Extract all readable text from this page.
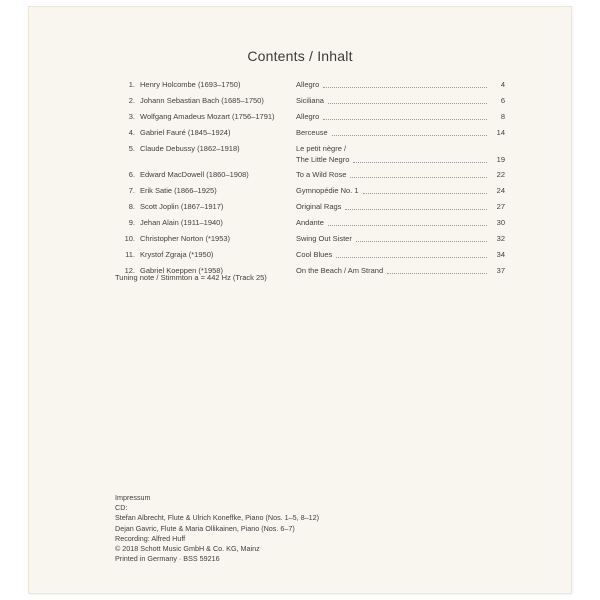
Contents / Inhalt
1. Henry Holcombe (1693–1750)	Allegro	4
2. Johann Sebastian Bach (1685–1750)	Siciliana	6
3. Wolfgang Amadeus Mozart (1756–1791)	Allegro	8
4. Gabriel Fauré (1845–1924)	Berceuse	14
5. Claude Debussy (1862–1918)	Le petit nègre /
The Little Negro	19
6. Edward MacDowell (1860–1908)	To a Wild Rose	22
7. Erik Satie (1866–1925)	Gymnopédie No. 1	24
8. Scott Joplin (1867–1917)	Original Rags	27
9. Jehan Alain (1911–1940)	Andante	30
10. Christopher Norton (*1953)	Swing Out Sister	32
11. Krystof Zgraja (*1950)	Cool Blues	34
12. Gabriel Koeppen (*1958)	On the Beach / Am Strand	37
Tuning note / Stimmton a = 442 Hz (Track 25)
Impressum
CD:
Stefan Albrecht, Flute & Ulrich Koneffke, Piano (Nos. 1–5, 8–12)
Dejan Gavric, Flute & Maria Ollikainen, Piano (Nos. 6–7)
Recording: Alfred Huff
© 2018 Schott Music GmbH & Co. KG, Mainz
Printed in Germany · BSS 59216
